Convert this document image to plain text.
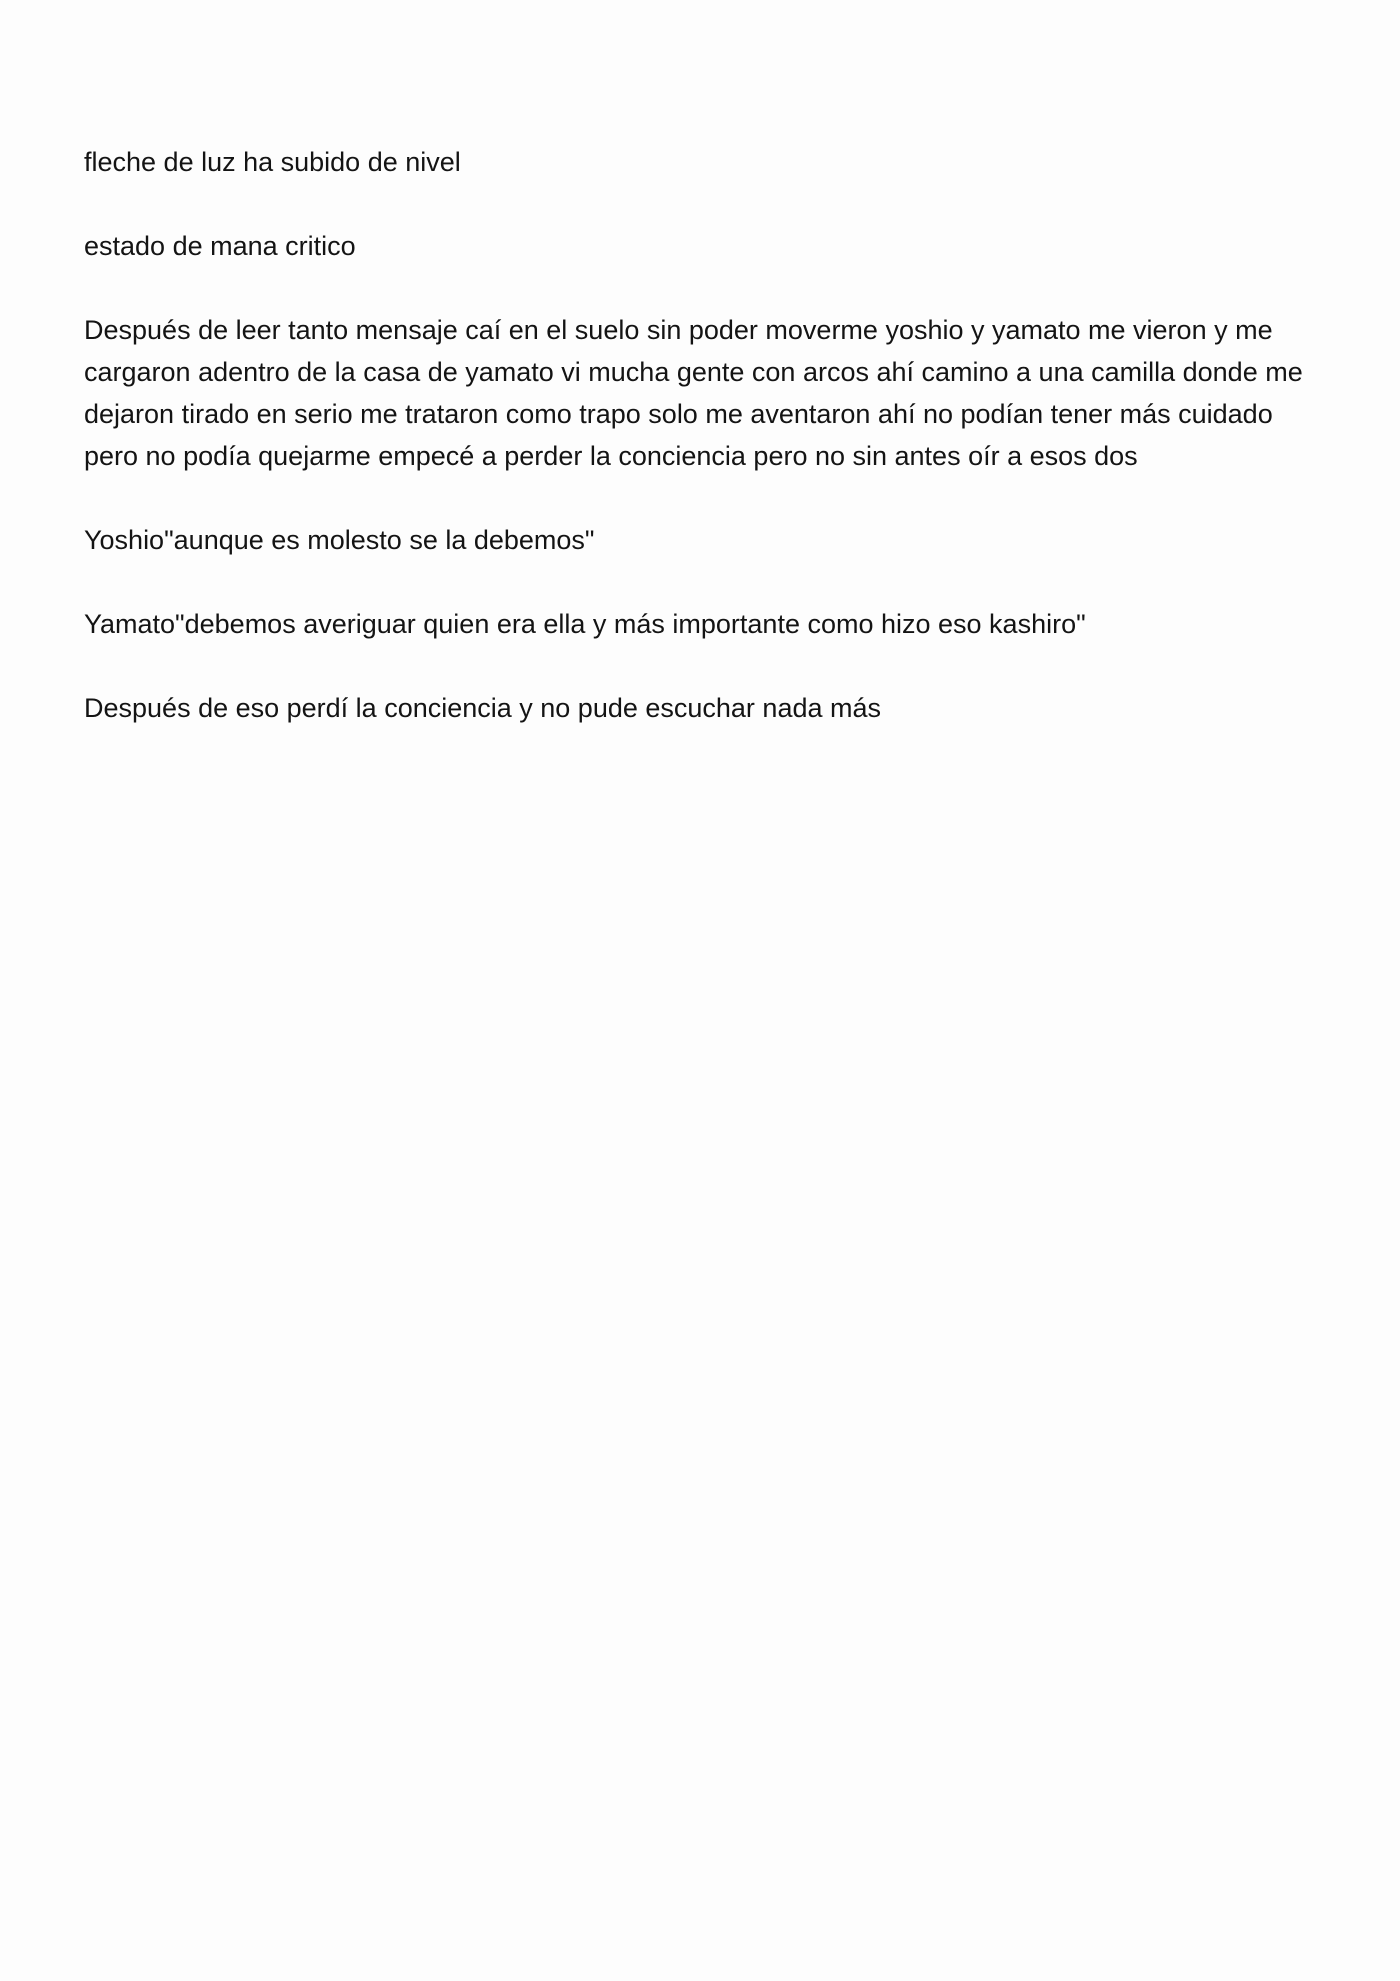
fleche de luz ha subido de nivel

estado de mana critico

Después de leer tanto mensaje caí en el suelo sin poder moverme yoshio y yamato me vieron y me cargaron adentro de la casa de yamato vi mucha gente con arcos ahí camino a una camilla donde me dejaron tirado en serio me trataron como trapo solo me aventaron ahí no podían tener más cuidado pero no podía quejarme empecé a perder la conciencia pero no sin antes oír a esos dos

Yoshio"aunque es molesto se la debemos"

Yamato"debemos averiguar quien era ella y más importante como hizo eso kashiro"

Después de eso perdí la conciencia y no pude escuchar nada más
